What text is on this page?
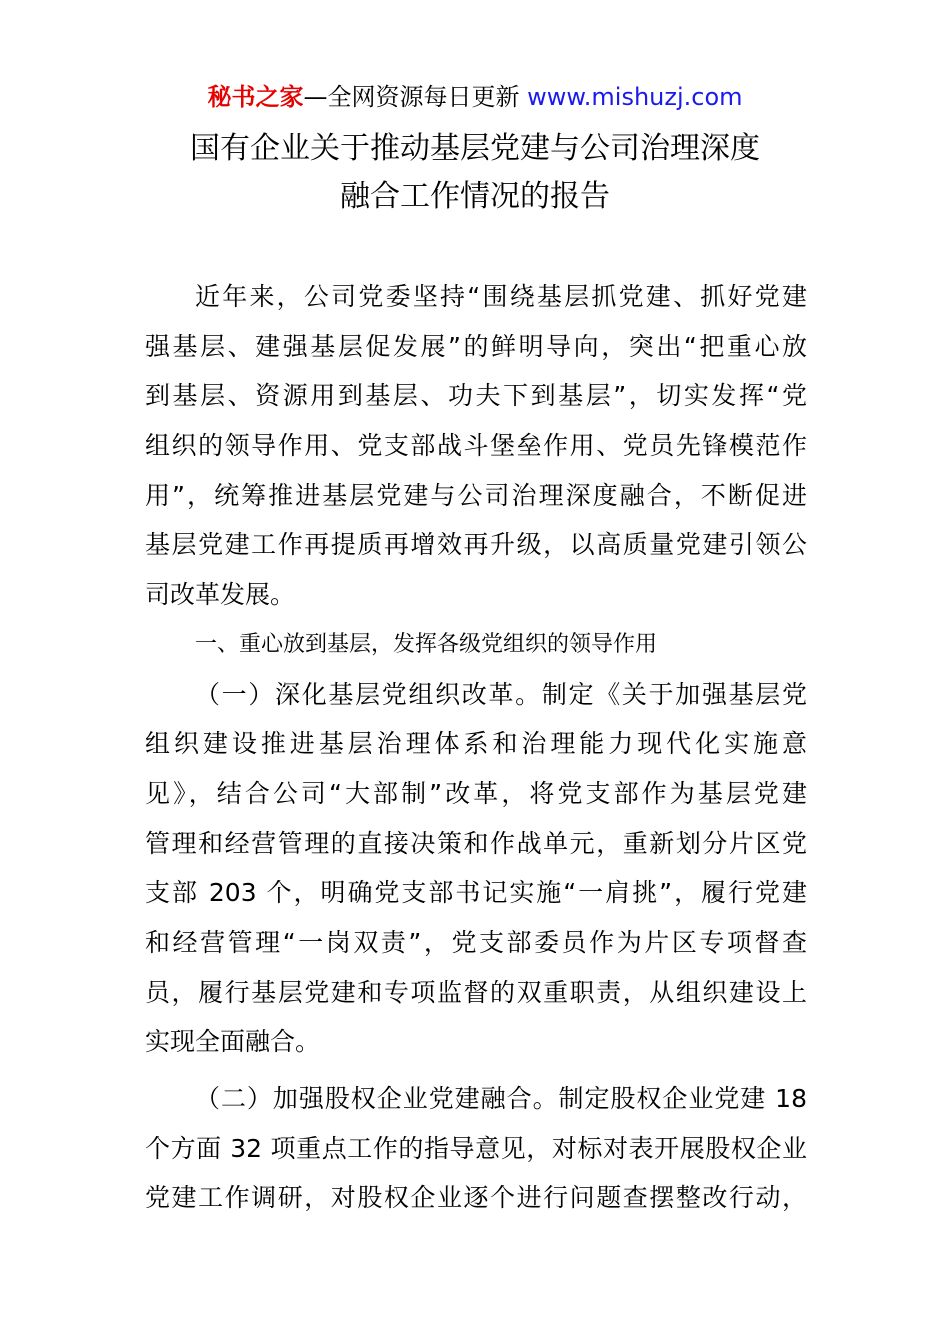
秘书之家—全网资源每日更新 www.mishuzj.com
国有企业关于推动基层党建与公司治理深度
融合工作情况的报告
近年来，公司党委坚持“围绕基层抓党建、抓好党建
强基层、建强基层促发展”的鲜明导向，突出“把重心放
到基层、资源用到基层、功夫下到基层”，切实发挥“党
组织的领导作用、党支部战斗堡垒作用、党员先锋模范作
用”，统筹推进基层党建与公司治理深度融合，不断促进
基层党建工作再提质再增效再升级，以高质量党建引领公
司改革发展。
一、重心放到基层，发挥各级党组织的领导作用
（一）深化基层党组织改革。制定《关于加强基层党
组织建设推进基层治理体系和治理能力现代化实施意
见》，结合公司“大部制”改革，将党支部作为基层党建
管理和经营管理的直接决策和作战单元，重新划分片区党
支部 203 个，明确党支部书记实施“一肩挑”，履行党建
和经营管理“一岗双责”，党支部委员作为片区专项督查
员，履行基层党建和专项监督的双重职责，从组织建设上
实现全面融合。
（二）加强股权企业党建融合。制定股权企业党建 18
个方面 32 项重点工作的指导意见，对标对表开展股权企业
党建工作调研，对股权企业逐个进行问题查摆整改行动，
